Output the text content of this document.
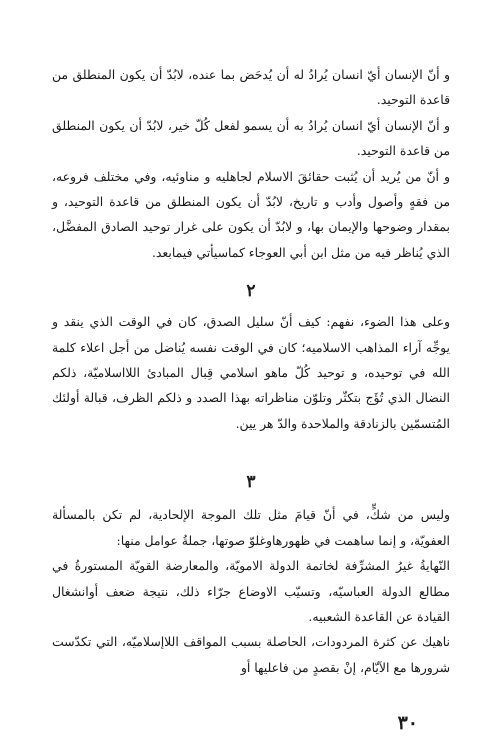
و أنّ الإنسان أيّ انسان يُرادُ له أن يُدحَض بما عنده، لابُدّ أن يكون المنطلق من قاعدة التوحيد.

و أنّ الإنسان أيّ انسان يُرادُ به أن يسمو لفعل كُلّ خير، لابُدّ أن يكون المنطلق من قاعدة التوحيد.

و أنّ من يُريد أن يُثبت حقائقَ الاسلام لجاهليه و مناوئيه، وفي مختلف فروعه، من فقهٍ وأصول وأدب و تاريخ، لابُدّ أن يكون المنطلق من قاعدة التوحيد، و بمقدار وضوحها والإيمان بها، و لابُدّ أن يكون على غرار توحيد الصادق المفضَّل، الذي يُناظر فيه من مثل ابن أبي العوجاء كماسيأتي فيمابعد.

٢

وعلى هذا الضوء، نفهم: كيف أنّ سليل الصدق، كان في الوقت الذي ينقد و يوجِّه آراء المذاهب الاسلاميه؛ كان في الوقت نفسه يُناضل من أجل اعلاء كلمة الله في توحيده، و توحيد كُلّ ماهو اسلامي قِبال المبادئ اللااسلاميّة، ذلكم النضال الذي تُؤَج بتكثّر وتلوّن مناظراته بهذا الصدد و ذلكم الظرف، قبالة أولئك المُتسمّين بالزنادقة والملاحدة والدّ هر يين.

٣

وليس من شكٍّ، في أنّ قيامَ مثل تلك الموجة الإلحادية، لم تكن بالمسألة العفويّة، و إنما ساهمت في ظهورهاوغلوّ صوتها، جملةُ عوامل منها:

النّهايةُ غيرُ المشرِّفة لخاتمة الدولة الامويّة، والمعارضة القويّة المستورةُ في مطالع الدولة العباسيّه، وتسيّب الاوضاع جرّاء ذلك، نتيجة ضعف أوانشغال القيادة عن القاعدة الشعبيه.

ناهيك عن كثرة المردودات، الحاصلة بسبب المواقف اللاإسلاميّه، التي تكدّست شرورها مع الآيّام، إنْ بقصدٍ من فاعليها أو

٣٠
